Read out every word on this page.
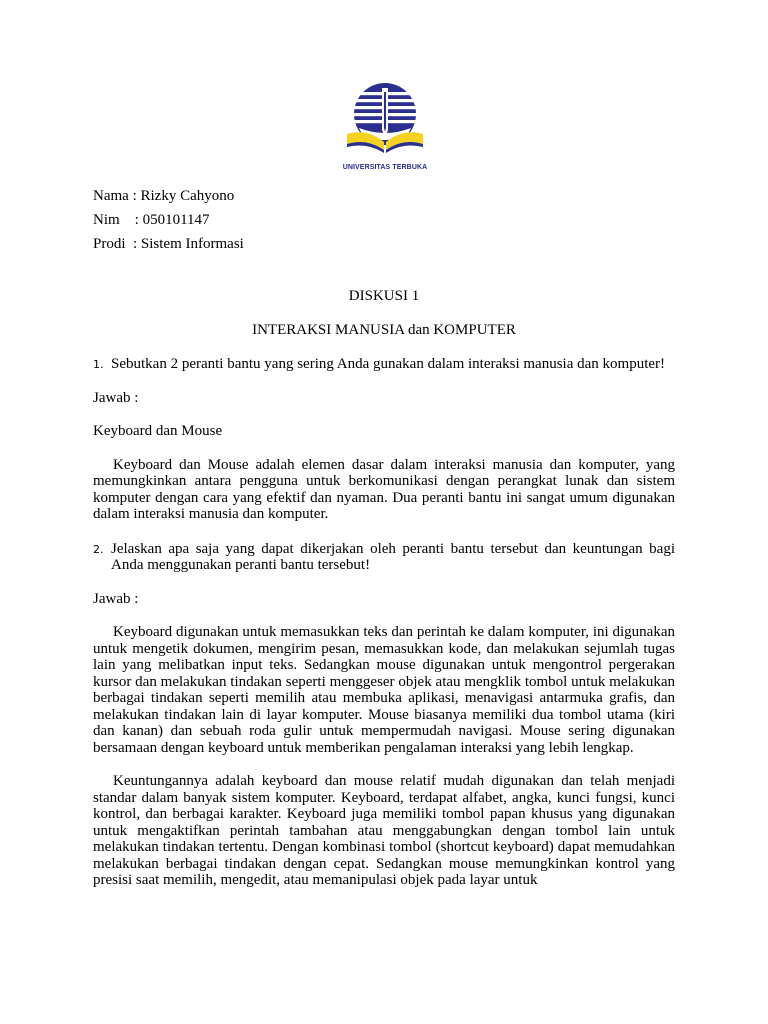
UNIVERSITAS TERBUKA

Nama : Rizky Cahyono

Nim    : 050101147

Prodi  : Sistem Informasi

DISKUSI 1

INTERAKSI MANUSIA dan KOMPUTER

1. Sebutkan 2 peranti bantu yang sering Anda gunakan dalam interaksi manusia dan komputer!

Jawab :

Keyboard dan Mouse

Keyboard dan Mouse adalah elemen dasar dalam interaksi manusia dan komputer, yang memungkinkan antara pengguna untuk berkomunikasi dengan perangkat lunak dan sistem komputer dengan cara yang efektif dan nyaman. Dua peranti bantu ini sangat umum digunakan dalam interaksi manusia dan komputer.

2. Jelaskan apa saja yang dapat dikerjakan oleh peranti bantu tersebut dan keuntungan bagi Anda menggunakan peranti bantu tersebut!

Jawab :

Keyboard digunakan untuk memasukkan teks dan perintah ke dalam komputer, ini digunakan untuk mengetik dokumen, mengirim pesan, memasukkan kode, dan melakukan sejumlah tugas lain yang melibatkan input teks. Sedangkan mouse digunakan untuk mengontrol pergerakan kursor dan melakukan tindakan seperti menggeser objek atau mengklik tombol untuk melakukan berbagai tindakan seperti memilih atau membuka aplikasi, menavigasi antarmuka grafis, dan melakukan tindakan lain di layar komputer. Mouse biasanya memiliki dua tombol utama (kiri dan kanan) dan sebuah roda gulir untuk mempermudah navigasi. Mouse sering digunakan bersamaan dengan keyboard untuk memberikan pengalaman interaksi yang lebih lengkap.

Keuntungannya adalah keyboard dan mouse relatif mudah digunakan dan telah menjadi standar dalam banyak sistem komputer. Keyboard, terdapat alfabet, angka, kunci fungsi, kunci kontrol, dan berbagai karakter. Keyboard juga memiliki tombol papan khusus yang digunakan untuk mengaktifkan perintah tambahan atau menggabungkan dengan tombol lain untuk melakukan tindakan tertentu. Dengan kombinasi tombol (shortcut keyboard) dapat memudahkan melakukan berbagai tindakan dengan cepat. Sedangkan mouse memungkinkan kontrol yang presisi saat memilih, mengedit, atau memanipulasi objek pada layar untuk
